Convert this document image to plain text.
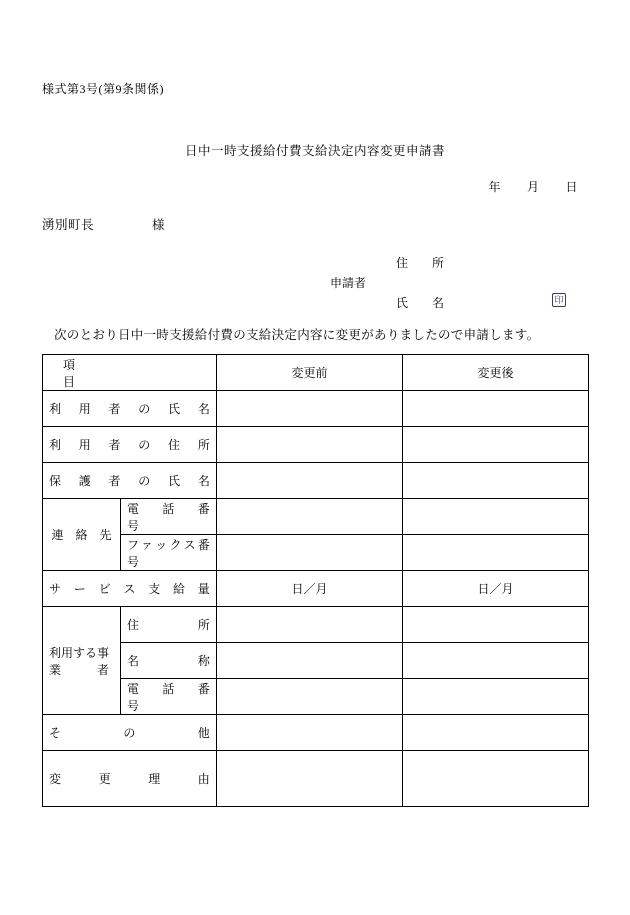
様式第3号(第9条関係)
日中一時支援給付費支給決定内容変更申請書
年 月 日
湧別町長	様
住　　所
申請者
氏　　名	印
次のとおり日中一時支援給付費の支給決定内容に変更がありましたので申請します。
項　　　　　　　　　　目		変更前	変更後

利　用　者　の　氏　名			

利　用　者　の　住　所			

保　護　者　の　氏　名			

連　絡　先	電　話　番　号		

	ファックス番号		

サ　ー　ビ　ス　支　給　量		日／月	日／月
利用する事業　　　者	住　　　　所		

	名　　　　称		

	電　話　番　号		

そ　　　の　　　他			

変　　更　　理　　由			
